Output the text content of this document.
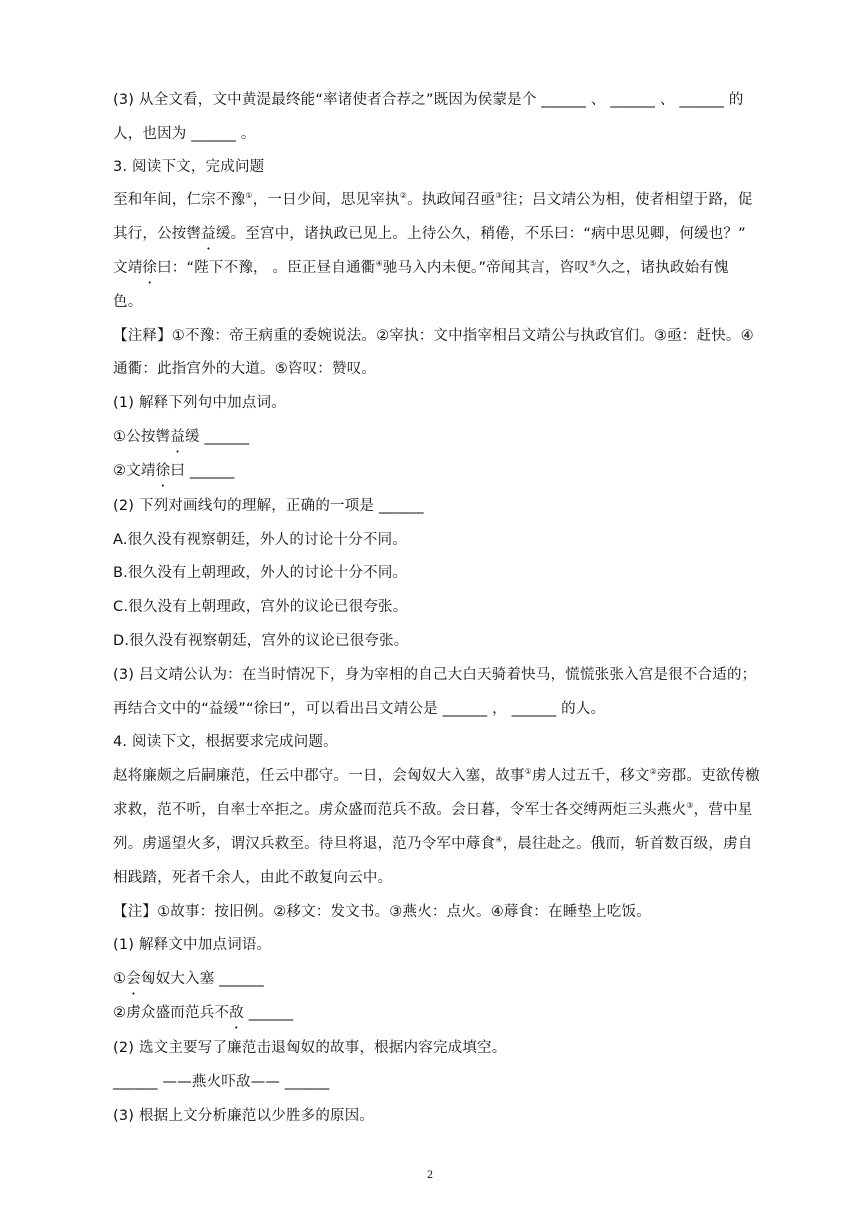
(3) 从全文看，文中黄湜最终能“率诸使者合荐之”既因为侯蒙是个 ______ 、 ______ 、 ______ 的
人，也因为 ______ 。
3. 阅读下文，完成问题
至和年间，仁宗不豫①，一日少间，思见宰执②。执政闻召亟③往；吕文靖公为相，使者相望于路，促
其行，公按辔益缓。至宫中，诸执政已见上。上待公久，稍倦，不乐曰：“病中思见卿，何缓也？”
文靖徐曰：“陛下不豫， 。臣正昼自通衢④驰马入内未便。”帝闻其言，咨叹⑤久之，诸执政始有愧
色。
【注释】①不豫：帝王病重的委婉说法。②宰执：文中指宰相吕文靖公与执政官们。③亟：赶快。④
通衢：此指宫外的大道。⑤咨叹：赞叹。
(1) 解释下列句中加点词。
①公按辔益缓 ______
②文靖徐曰 ______
(2) 下列对画线句的理解，正确的一项是 ______
A.很久没有视察朝廷，外人的讨论十分不同。
B.很久没有上朝理政，外人的讨论十分不同。
C.很久没有上朝理政，宫外的议论已很夸张。
D.很久没有视察朝廷，宫外的议论已很夸张。
(3) 吕文靖公认为：在当时情况下，身为宰相的自己大白天骑着快马，慌慌张张入宫是很不合适的；
再结合文中的“益缓”“徐曰”，可以看出吕文靖公是 ______ ， ______ 的人。
4. 阅读下文，根据要求完成问题。
赵将廉颇之后嗣廉范，任云中郡守。一日，会匈奴大入塞，故事①虏人过五千，移文②旁郡。吏欲传檄
求救，范不听，自率士卒拒之。虏众盛而范兵不敌。会日暮，令军士各交缚两炬三头燕火③，营中星
列。虏遥望火多，谓汉兵救至。待旦将退，范乃令军中蓐食④，晨往赴之。俄而，斩首数百级，虏自
相践踏，死者千余人，由此不敢复向云中。
【注】①故事：按旧例。②移文：发文书。③燕火：点火。④蓐食：在睡垫上吃饭。
(1) 解释文中加点词语。
①会匈奴大入塞 ______
②虏众盛而范兵不敌 ______
(2) 选文主要写了廉范击退匈奴的故事，根据内容完成填空。
______ ——燕火吓敌—— ______
(3) 根据上文分析廉范以少胜多的原因。
2
